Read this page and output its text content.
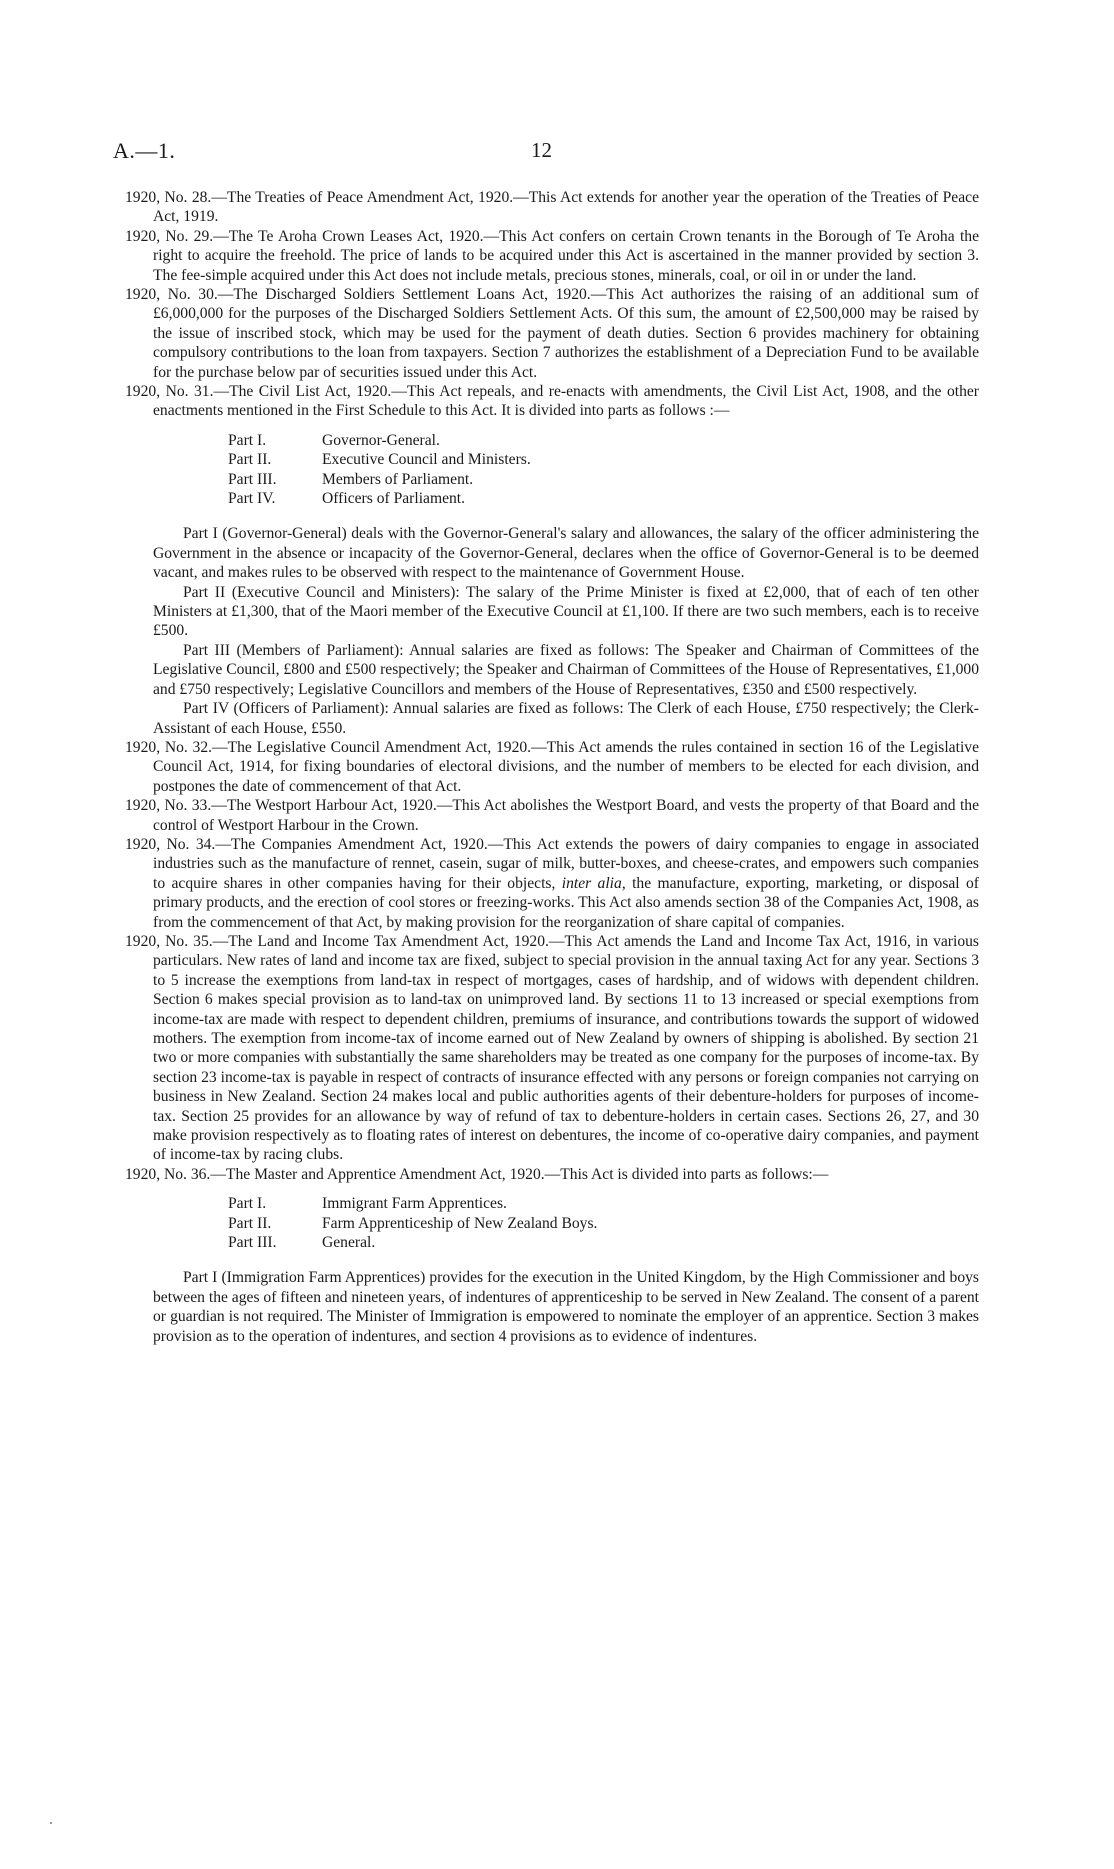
A.—1.	12

1920, No. 28.—The Treaties of Peace Amendment Act, 1920.—This Act extends for another year the operation of the Treaties of Peace Act, 1919.

1920, No. 29.—The Te Aroha Crown Leases Act, 1920.—This Act confers on certain Crown tenants in the Borough of Te Aroha the right to acquire the freehold. The price of lands to be acquired under this Act is ascertained in the manner provided by section 3. The fee-simple acquired under this Act does not include metals, precious stones, minerals, coal, or oil in or under the land.

1920, No. 30.—The Discharged Soldiers Settlement Loans Act, 1920.—This Act authorizes the raising of an additional sum of £6,000,000 for the purposes of the Discharged Soldiers Settlement Acts. Of this sum, the amount of £2,500,000 may be raised by the issue of inscribed stock, which may be used for the payment of death duties. Section 6 provides machinery for obtaining compulsory contributions to the loan from taxpayers. Section 7 authorizes the establishment of a Depreciation Fund to be available for the purchase below par of securities issued under this Act.

1920, No. 31.—The Civil List Act, 1920.—This Act repeals, and re-enacts with amendments, the Civil List Act, 1908, and the other enactments mentioned in the First Schedule to this Act. It is divided into parts as follows :—

Part I.	Governor-General.
Part II.	Executive Council and Ministers.
Part III.	Members of Parliament.
Part IV.	Officers of Parliament.

Part I (Governor-General) deals with the Governor-General's salary and allowances, the salary of the officer administering the Government in the absence or incapacity of the Governor-General, declares when the office of Governor-General is to be deemed vacant, and makes rules to be observed with respect to the maintenance of Government House.

Part II (Executive Council and Ministers): The salary of the Prime Minister is fixed at £2,000, that of each of ten other Ministers at £1,300, that of the Maori member of the Executive Council at £1,100. If there are two such members, each is to receive £500.

Part III (Members of Parliament): Annual salaries are fixed as follows: The Speaker and Chairman of Committees of the Legislative Council, £800 and £500 respectively; the Speaker and Chairman of Committees of the House of Representatives, £1,000 and £750 respectively; Legislative Councillors and members of the House of Representatives, £350 and £500 respectively.

Part IV (Officers of Parliament): Annual salaries are fixed as follows: The Clerk of each House, £750 respectively; the Clerk-Assistant of each House, £550.

1920, No. 32.—The Legislative Council Amendment Act, 1920.—This Act amends the rules contained in section 16 of the Legislative Council Act, 1914, for fixing boundaries of electoral divisions, and the number of members to be elected for each division, and postpones the date of commencement of that Act.

1920, No. 33.—The Westport Harbour Act, 1920.—This Act abolishes the Westport Board, and vests the property of that Board and the control of Westport Harbour in the Crown.

1920, No. 34.—The Companies Amendment Act, 1920.—This Act extends the powers of dairy companies to engage in associated industries such as the manufacture of rennet, casein, sugar of milk, butter-boxes, and cheese-crates, and empowers such companies to acquire shares in other companies having for their objects, inter alia, the manufacture, exporting, marketing, or disposal of primary products, and the erection of cool stores or freezing-works. This Act also amends section 38 of the Companies Act, 1908, as from the commencement of that Act, by making provision for the reorganization of share capital of companies.

1920, No. 35.—The Land and Income Tax Amendment Act, 1920.—This Act amends the Land and Income Tax Act, 1916, in various particulars. New rates of land and income tax are fixed, subject to special provision in the annual taxing Act for any year. Sections 3 to 5 increase the exemptions from land-tax in respect of mortgages, cases of hardship, and of widows with dependent children. Section 6 makes special provision as to land-tax on unimproved land. By sections 11 to 13 increased or special exemptions from income-tax are made with respect to dependent children, premiums of insurance, and contributions towards the support of widowed mothers. The exemption from income-tax of income earned out of New Zealand by owners of shipping is abolished. By section 21 two or more companies with substantially the same shareholders may be treated as one company for the purposes of income-tax. By section 23 income-tax is payable in respect of contracts of insurance effected with any persons or foreign companies not carrying on business in New Zealand. Section 24 makes local and public authorities agents of their debenture-holders for purposes of income-tax. Section 25 provides for an allowance by way of refund of tax to debenture-holders in certain cases. Sections 26, 27, and 30 make provision respectively as to floating rates of interest on debentures, the income of co-operative dairy companies, and payment of income-tax by racing clubs.

1920, No. 36.—The Master and Apprentice Amendment Act, 1920.—This Act is divided into parts as follows:—

Part I.	Immigrant Farm Apprentices.
Part II.	Farm Apprenticeship of New Zealand Boys.
Part III.	General.

Part I (Immigration Farm Apprentices) provides for the execution in the United Kingdom, by the High Commissioner and boys between the ages of fifteen and nineteen years, of indentures of apprenticeship to be served in New Zealand. The consent of a parent or guardian is not required. The Minister of Immigration is empowered to nominate the employer of an apprentice. Section 3 makes provision as to the operation of indentures, and section 4 provisions as to evidence of indentures.
